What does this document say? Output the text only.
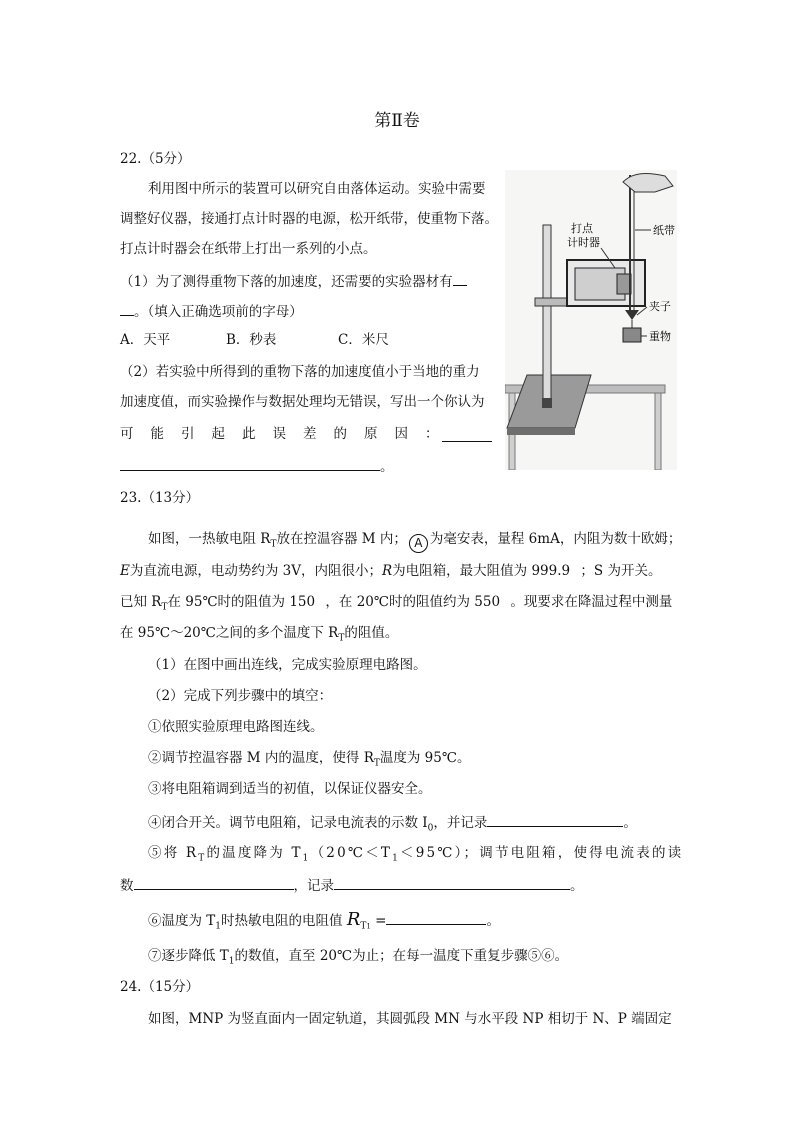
第Ⅱ卷
22.（5分）
利用图中所示的装置可以研究自由落体运动。实验中需要
调整好仪器，接通打点计时器的电源，松开纸带，使重物下落。
打点计时器会在纸带上打出一系列的小点。
（1）为了测得重物下落的加速度，还需要的实验器材有
。（填入正确选项前的字母）
A．天平	B．秒表	C．米尺
（2）若实验中所得到的重物下落的加速度值小于当地的重力
加速度值，而实验操作与数据处理均无错误，写出一个你认为
可能引起此误差的原因：
。
打点
计时器
纸带
夹子
重物
23.（13分）
如图，一热敏电阻 $R_T$放在控温容器 M 内； A 为毫安表，量程 6mA，内阻为数十欧姆；
E为直流电源，电动势约为 3V，内阻很小；R为电阻箱，最大阻值为 999.9 ；S 为开关。
已知 $R_T$在 95℃时的阻值为 150 ，在 20℃时的阻值约为 550 。现要求在降温过程中测量
在 95℃～20℃之间的多个温度下 $R_T$的阻值。
（1）在图中画出连线，完成实验原理电路图。
（2）完成下列步骤中的填空：
①依照实验原理电路图连线。
②调节控温容器 M 内的温度，使得 $R_T$温度为 95℃。
③将电阻箱调到适当的初值，以保证仪器安全。
④闭合开关。调节电阻箱，记录电流表的示数 $I_0$，并记录	。
⑤将 $R_T$的温度降为 $T_1(20℃<T_1<95℃)$；调节电阻箱，使得电流表的读
数	，记录	。
⑥温度为 $T_1$时热敏电阻的电阻值 $R_{T1}$ =	。
⑦逐步降低 $T_1$的数值，直至 20℃为止；在每一温度下重复步骤⑤⑥。
24.（15分）
如图，MNP 为竖直面内一固定轨道，其圆弧段 MN 与水平段 NP 相切于 N、P 端固定
